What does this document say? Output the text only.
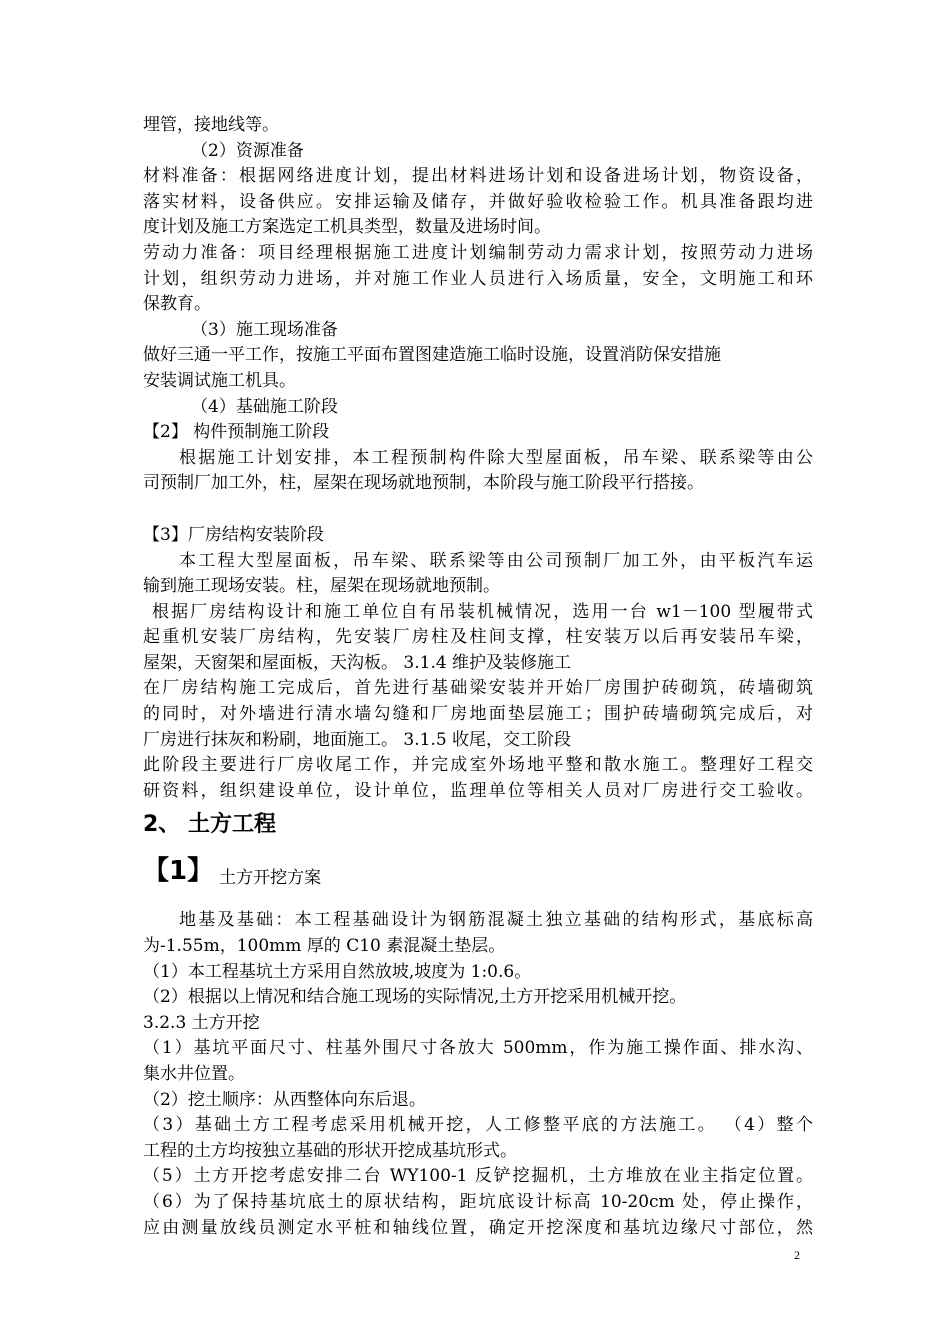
埋管，接地线等。
（2）资源准备
材料准备：根据网络进度计划，提出材料进场计划和设备进场计划，物资设备，
落实材料，设备供应。安排运输及储存，并做好验收检验工作。机具准备跟均进
度计划及施工方案选定工机具类型，数量及进场时间。
劳动力准备：项目经理根据施工进度计划编制劳动力需求计划，按照劳动力进场
计划，组织劳动力进场，并对施工作业人员进行入场质量，安全，文明施工和环
保教育。
（3）施工现场准备
做好三通一平工作，按施工平面布置图建造施工临时设施，设置消防保安措施
安装调试施工机具。
（4）基础施工阶段
【2】 构件预制施工阶段
根据施工计划安排，本工程预制构件除大型屋面板，吊车梁、联系梁等由公
司预制厂加工外，柱，屋架在现场就地预制，本阶段与施工阶段平行搭接。
【3】厂房结构安装阶段
本工程大型屋面板，吊车梁、联系梁等由公司预制厂加工外，由平板汽车运
输到施工现场安装。柱，屋架在现场就地预制。
根据厂房结构设计和施工单位自有吊装机械情况，选用一台 w1－100 型履带式
起重机安装厂房结构，先安装厂房柱及柱间支撑，柱安装万以后再安装吊车梁，
屋架，天窗架和屋面板，天沟板。 3.1.4 维护及装修施工
在厂房结构施工完成后，首先进行基础梁安装并开始厂房围护砖砌筑，砖墙砌筑
的同时，对外墙进行清水墙勾缝和厂房地面垫层施工；围护砖墙砌筑完成后，对
厂房进行抹灰和粉刷，地面施工。 3.1.5 收尾，交工阶段
此阶段主要进行厂房收尾工作，并完成室外场地平整和散水施工。整理好工程交
研资料，组织建设单位，设计单位，监理单位等相关人员对厂房进行交工验收。
2、 土方工程
【1】 土方开挖方案
地基及基础：本工程基础设计为钢筋混凝土独立基础的结构形式，基底标高
为-1.55m，100mm 厚的 C10 素混凝土垫层。
（1）本工程基坑土方采用自然放坡,坡度为 1:0.6。
（2）根据以上情况和结合施工现场的实际情况,土方开挖采用机械开挖。
3.2.3 土方开挖
（1）基坑平面尺寸、柱基外围尺寸各放大 500mm，作为施工操作面、排水沟、
集水井位置。
（2）挖土顺序：从西整体向东后退。
（3）基础土方工程考虑采用机械开挖，人工修整平底的方法施工。 （4）整个
工程的土方均按独立基础的形状开挖成基坑形式。
（5）土方开挖考虑安排二台 WY100-1 反铲挖掘机，土方堆放在业主指定位置。
（6）为了保持基坑底土的原状结构，距坑底设计标高 10-20cm 处，停止操作，
应由测量放线员测定水平桩和轴线位置，确定开挖深度和基坑边缘尺寸部位，然
2
